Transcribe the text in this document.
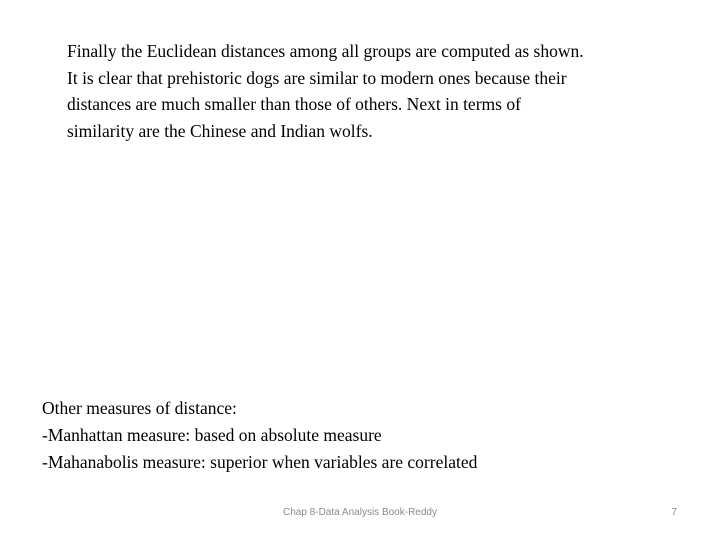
Finally the Euclidean distances among all groups are computed as shown.
It is clear that prehistoric dogs are similar to modern ones because their
distances are much smaller than those of others. Next in terms of
similarity are the Chinese and Indian wolfs.
Other measures of distance:
-Manhattan measure: based on absolute measure
-Mahanabolis measure: superior when variables are correlated
Chap 8-Data Analysis Book-Reddy	7
